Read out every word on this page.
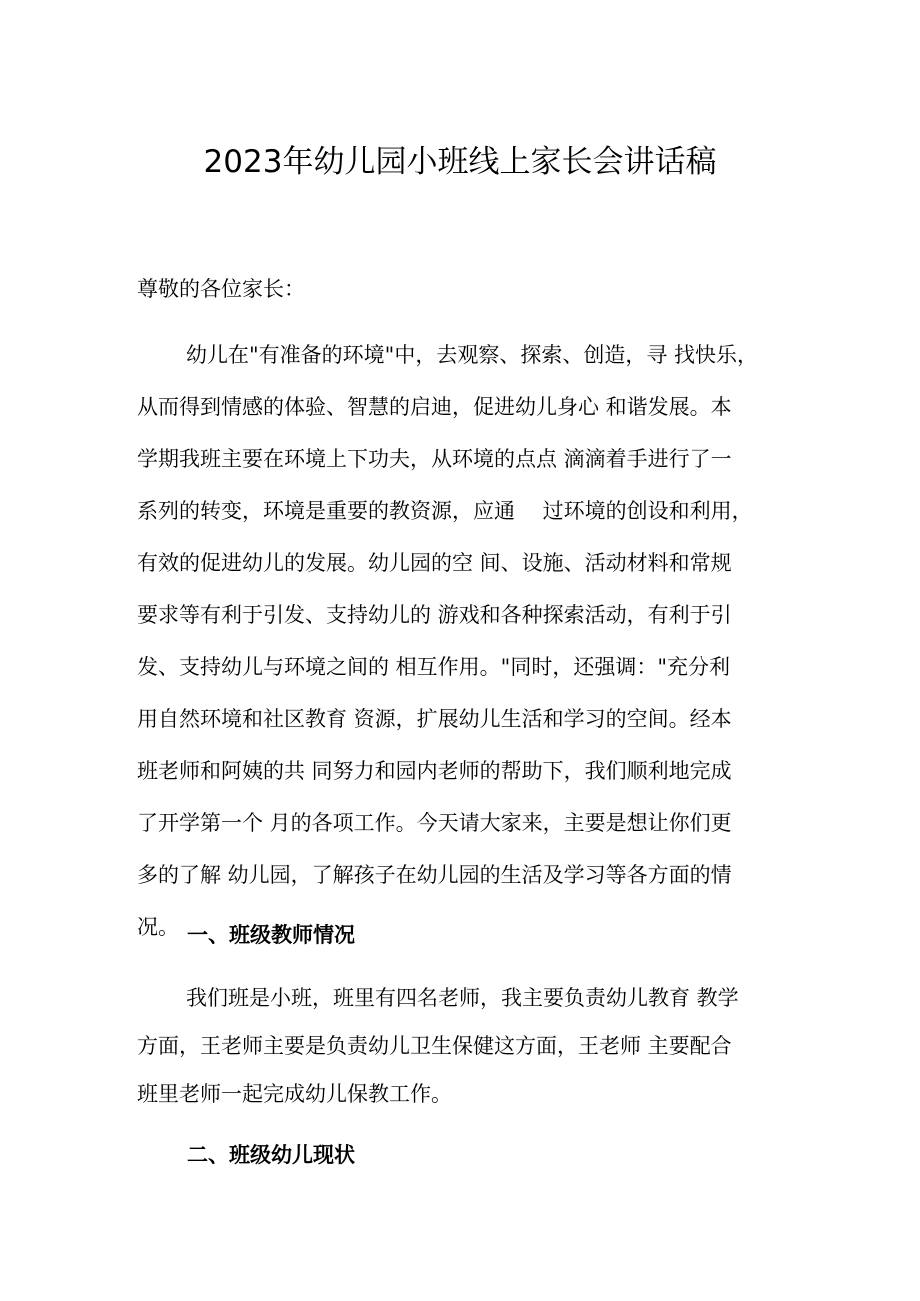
2023年幼儿园小班线上家长会讲话稿

尊敬的各位家长：

幼儿在"有准备的环境"中，去观察、探索、创造，寻 找快乐，
从而得到情感的体验、智慧的启迪，促进幼儿身心 和谐发展。本
学期我班主要在环境上下功夫，从环境的点点 滴滴着手进行了一
系列的转变，环境是重要的教资源，应通　 过环境的创设和利用，
有效的促进幼儿的发展。幼儿园的空 间、设施、活动材料和常规
要求等有利于引发、支持幼儿的 游戏和各种探索活动，有利于引
发、支持幼儿与环境之间的 相互作用。"同时，还强调："充分利
用自然环境和社区教育 资源，扩展幼儿生活和学习的空间。经本
班老师和阿姨的共 同努力和园内老师的帮助下，我们顺利地完成
了开学第一个 月的各项工作。今天请大家来，主要是想让你们更
多的了解 幼儿园，了解孩子在幼儿园的生活及学习等各方面的情
况。 一、班级教师情况
我们班是小班，班里有四名老师，我主要负责幼儿教育 教学
方面，王老师主要是负责幼儿卫生保健这方面，王老师 主要配合
班里老师一起完成幼儿保教工作。
二、班级幼儿现状
